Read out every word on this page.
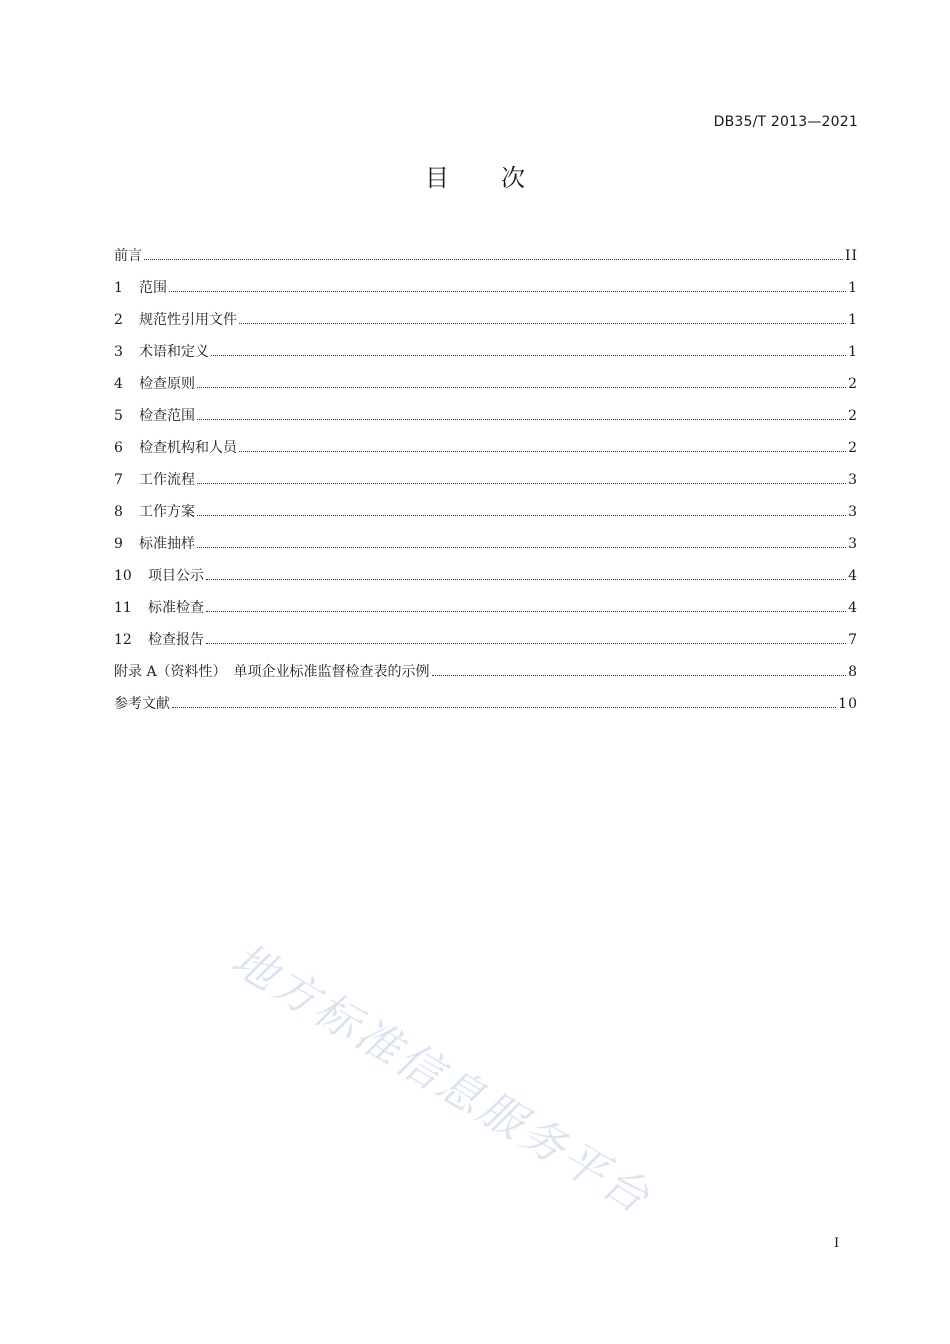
DB35/T 2013—2021
目次
前言	II
1	范围	1
2	规范性引用文件	1
3	术语和定义	1
4	检查原则	2
5	检查范围	2
6	检查机构和人员	2
7	工作流程	3
8	工作方案	3
9	标准抽样	3
10	项目公示	4
11	标准检查	4
12	检查报告	7
附录 A（资料性）　单项企业标准监督检查表的示例	8
参考文献	10
地方标准信息服务平台
I
